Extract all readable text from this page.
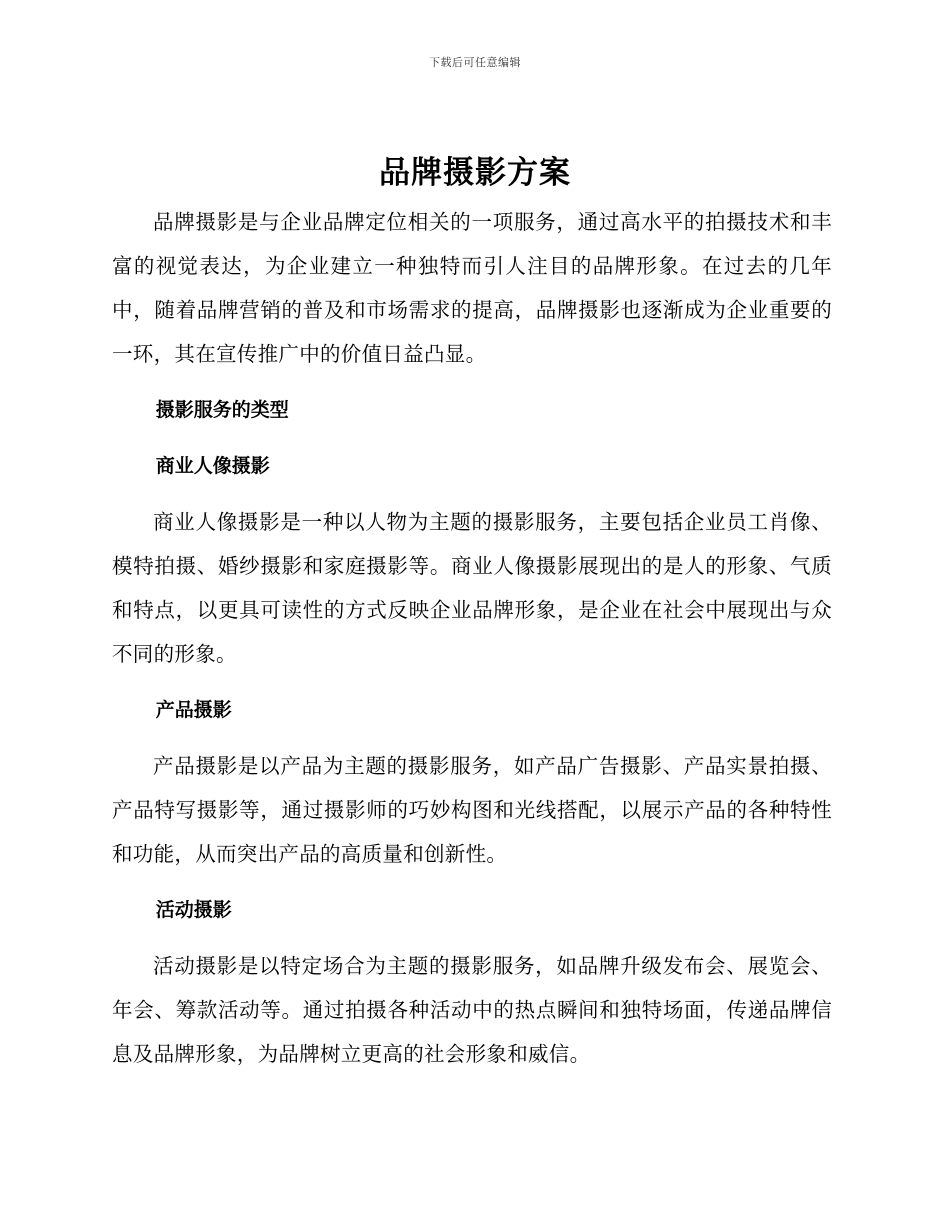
下载后可任意编辑
品牌摄影方案

品牌摄影是与企业品牌定位相关的一项服务，通过高水平的拍摄技术和丰富的视觉表达，为企业建立一种独特而引人注目的品牌形象。在过去的几年中，随着品牌营销的普及和市场需求的提高，品牌摄影也逐渐成为企业重要的一环，其在宣传推广中的价值日益凸显。

摄影服务的类型
商业人像摄影

商业人像摄影是一种以人物为主题的摄影服务，主要包括企业员工肖像、模特拍摄、婚纱摄影和家庭摄影等。商业人像摄影展现出的是人的形象、气质和特点，以更具可读性的方式反映企业品牌形象，是企业在社会中展现出与众不同的形象。

产品摄影

产品摄影是以产品为主题的摄影服务，如产品广告摄影、产品实景拍摄、产品特写摄影等，通过摄影师的巧妙构图和光线搭配，以展示产品的各种特性和功能，从而突出产品的高质量和创新性。

活动摄影

活动摄影是以特定场合为主题的摄影服务，如品牌升级发布会、展览会、年会、筹款活动等。通过拍摄各种活动中的热点瞬间和独特场面，传递品牌信息及品牌形象，为品牌树立更高的社会形象和威信。
